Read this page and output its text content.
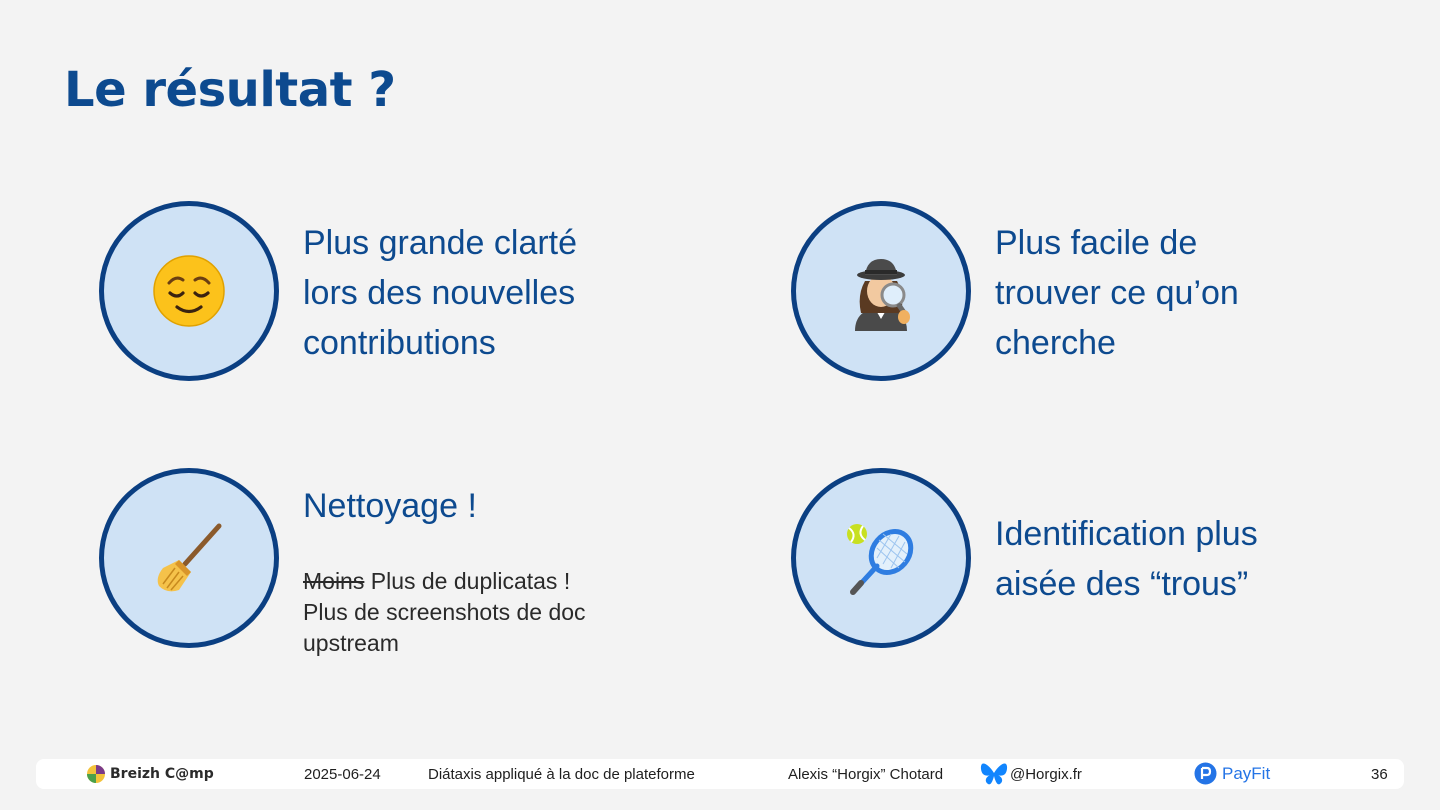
Le résultat ?
Plus grande clarté
lors des nouvelles
contributions
Plus facile de
trouver ce qu’on
cherche
Nettoyage !
Moins Plus de duplicatas !
Plus de screenshots de doc
upstream
Identification plus
aisée des “trous”
Breizh C@mp	2025-06-24	Diátaxis appliqué à la doc de plateforme	Alexis “Horgix” Chotard	@Horgix.fr	PayFit	36
